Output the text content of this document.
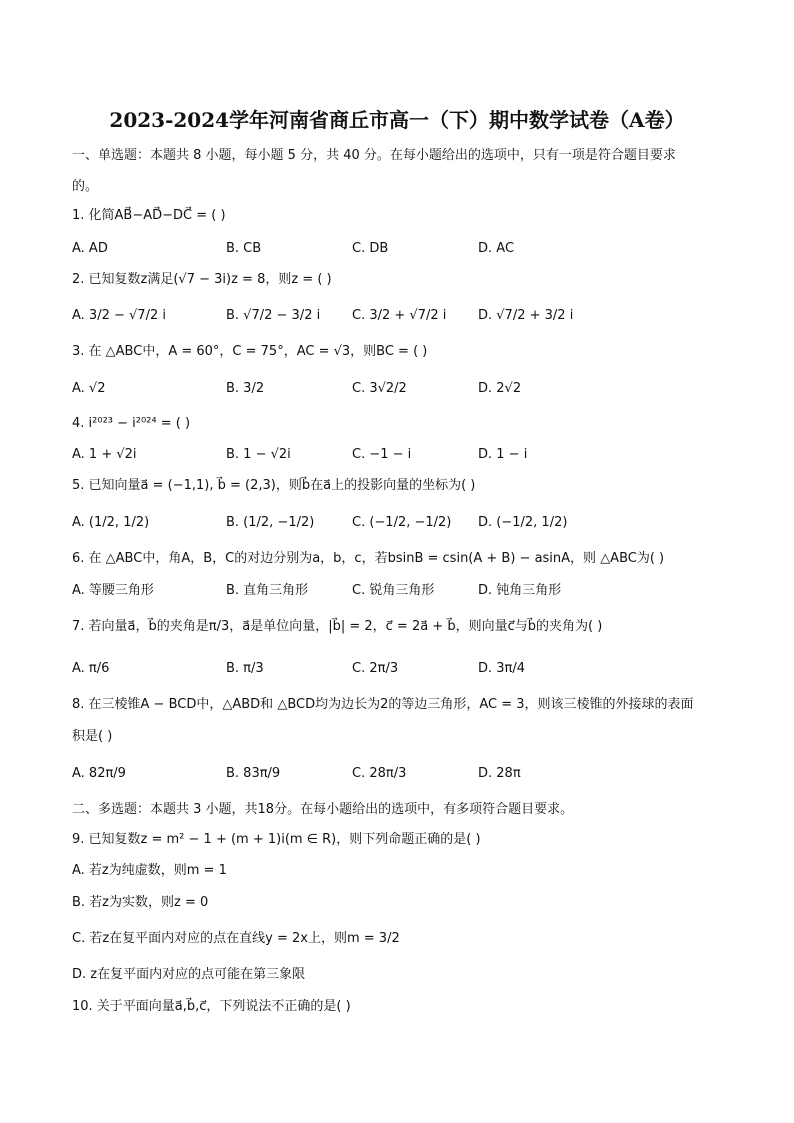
2023-2024学年河南省商丘市高一（下）期中数学试卷（A卷）
一、单选题：本题共 8 小题，每小题 5 分，共 40 分。在每小题给出的选项中，只有一项是符合题目要求
的。
1. 化简AB⃗−AD⃗−DC⃗ = ( )
A. AD	B. CB	C. DB	D. AC
2. 已知复数z满足(√7 − 3i)z = 8，则z = ( )
A. 3/2 − √7/2 i	B. √7/2 − 3/2 i C. 3/2 + √7/2 i D. √7/2 + 3/2 i
3. 在 △ABC中，A = 60°，C = 75°，AC = √3，则BC = ( )
A. √2	B. 3/2	C. 3√2/2	D. 2√2
4. i²⁰²³ − i²⁰²⁴ = ( )
A. 1 + √2i	B. 1 − √2i	C. −1 − i	D. 1 − i
5. 已知向量a⃗ = (−1,1), b⃗ = (2,3)，则b⃗在a⃗上的投影向量的坐标为( )
A. (1/2, 1/2)	B. (1/2, −1/2)	C. (−1/2, −1/2) D. (−1/2, 1/2)
6. 在 △ABC中，角A，B，C的对边分别为a，b，c，若bsinB = csin(A + B) − asinA，则 △ABC为( )
A. 等腰三角形	B. 直角三角形	C. 锐角三角形	D. 钝角三角形
7. 若向量a⃗，b⃗的夹角是π/3，a⃗是单位向量，|b⃗| = 2，c⃗ = 2a⃗ + b⃗，则向量c⃗与b⃗的夹角为( )
A. π/6	B. π/3	C. 2π/3	D. 3π/4
8. 在三棱锥A − BCD中，△ABD和 △BCD均为边长为2的等边三角形，AC = 3，则该三棱锥的外接球的表面
积是( )
A. 82π/9	B. 83π/9	C. 28π/3	D. 28π
二、多选题：本题共 3 小题，共18分。在每小题给出的选项中，有多项符合题目要求。
9. 已知复数z = m² − 1 + (m + 1)i(m ∈ R)，则下列命题正确的是( )
A. 若z为纯虚数，则m = 1
B. 若z为实数，则z = 0
C. 若z在复平面内对应的点在直线y = 2x上，则m = 3/2
D. z在复平面内对应的点可能在第三象限
10. 关于平面向量a⃗,b⃗,c⃗，下列说法不正确的是( )
